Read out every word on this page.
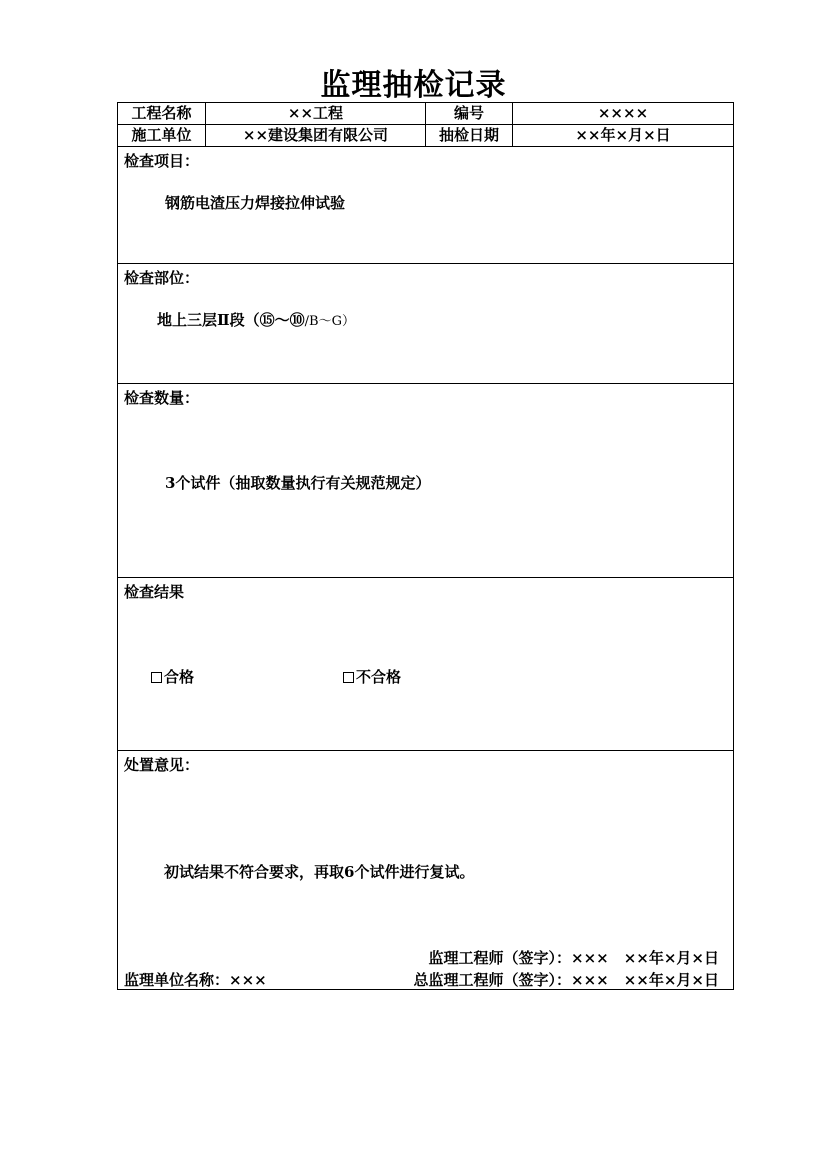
监理抽检记录
工程名称	××工程	编号	××××
施工单位	××建设集团有限公司	抽检日期	××年×月×日

检查项目：
钢筋电渣压力焊接拉伸试验			

检查部位：
地上三层Ⅱ段（⑮～⑩/B～G）			

检查数量：
3个试件（抽取数量执行有关规范规定）			

检查结果
合格 不合格			

处置意见：
初试结果不符合要求，再取6个试件进行复试。
监理工程师（签字）：×××　××年×月×日
监理单位名称：××× 总监理工程师（签字）：×××　××年×月×日			
